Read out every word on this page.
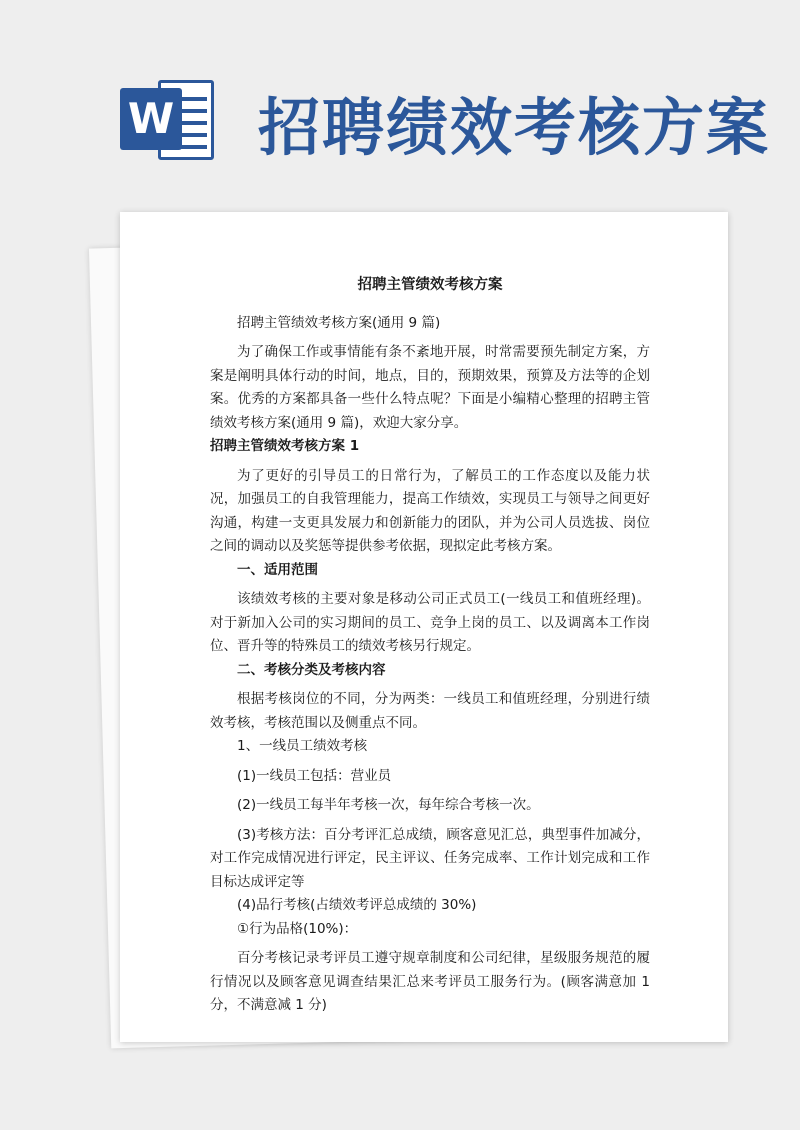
W 招聘绩效考核方案

招聘主管绩效考核方案

招聘主管绩效考核方案(通用 9 篇)

为了确保工作或事情能有条不紊地开展，时常需要预先制定方案，方案是阐明具体行动的时间，地点，目的，预期效果，预算及方法等的企划案。优秀的方案都具备一些什么特点呢？下面是小编精心整理的招聘主管绩效考核方案(通用 9 篇)，欢迎大家分享。

招聘主管绩效考核方案 1

为了更好的引导员工的日常行为，了解员工的工作态度以及能力状况，加强员工的自我管理能力，提高工作绩效，实现员工与领导之间更好沟通，构建一支更具发展力和创新能力的团队，并为公司人员选拔、岗位之间的调动以及奖惩等提供参考依据，现拟定此考核方案。

一、适用范围

该绩效考核的主要对象是移动公司正式员工(一线员工和值班经理)。对于新加入公司的实习期间的员工、竞争上岗的员工、以及调离本工作岗位、晋升等的特殊员工的绩效考核另行规定。

二、考核分类及考核内容

根据考核岗位的不同，分为两类：一线员工和值班经理，分别进行绩效考核，考核范围以及侧重点不同。

1、一线员工绩效考核

(1)一线员工包括：营业员

(2)一线员工每半年考核一次，每年综合考核一次。

(3)考核方法：百分考评汇总成绩，顾客意见汇总，典型事件加减分，对工作完成情况进行评定，民主评议、任务完成率、工作计划完成和工作目标达成评定等

(4)品行考核(占绩效考评总成绩的 30%)

①行为品格(10%)：

百分考核记录考评员工遵守规章制度和公司纪律，星级服务规范的履行情况以及顾客意见调查结果汇总来考评员工服务行为。(顾客满意加 1 分，不满意减 1 分)
